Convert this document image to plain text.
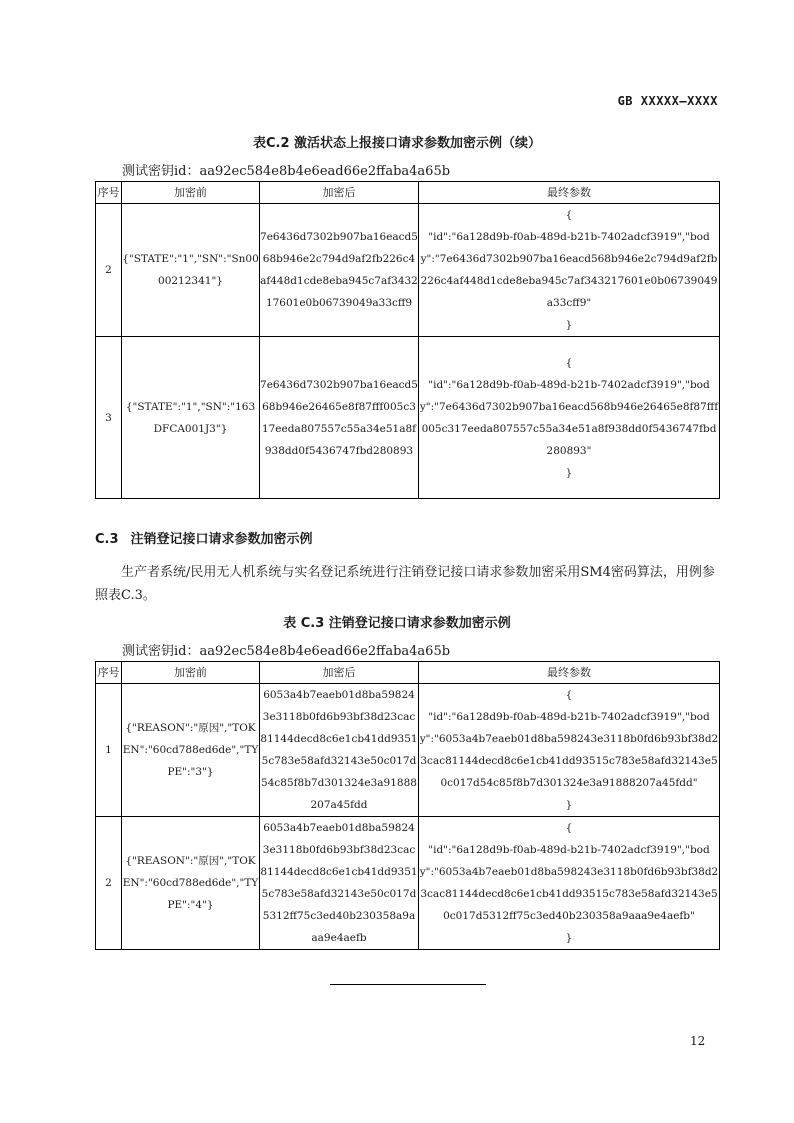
GB XXXXX—XXXX
表C.2 激活状态上报接口请求参数加密示例（续）
测试密钥id：aa92ec584e8b4e6ead66e2ffaba4a65b
序号	加密前	加密后	最终参数
2	{"STATE":"1","SN":"Sn0000212341"}	7e6436d7302b907ba16eacd568b946e2c794d9af2fb226c4af448d1cde8eba945c7af343217601e0b06739049a33cff9	{
"id":"6a128d9b-f0ab-489d-b21b-7402adcf3919","body":"7e6436d7302b907ba16eacd568b946e2c794d9af2fb226c4af448d1cde8eba945c7af343217601e0b06739049a33cff9"
}

3	{"STATE":"1","SN":"163DFCA001J3"}	7e6436d7302b907ba16eacd568b946e26465e8f87fff005c317eeda807557c55a34e51a8f938dd0f5436747fbd280893	{
"id":"6a128d9b-f0ab-489d-b21b-7402adcf3919","body":"7e6436d7302b907ba16eacd568b946e26465e8f87fff005c317eeda807557c55a34e51a8f938dd0f5436747fbd280893"
}
C.3 注销登记接口请求参数加密示例
生产者系统/民用无人机系统与实名登记系统进行注销登记接口请求参数加密采用SM4密码算法，用例参照表C.3。
表 C.3 注销登记接口请求参数加密示例
测试密钥id：aa92ec584e8b4e6ead66e2ffaba4a65b
序号	加密前	加密后	最终参数
1	{"REASON":"原因","TOKEN":"60cd788ed6de","TYPE":"3"}	6053a4b7eaeb01d8ba598243e3118b0fd6b93bf38d23cac81144decd8c6e1cb41dd93515c783e58afd32143e50c017d54c85f8b7d301324e3a91888207a45fdd	{
"id":"6a128d9b-f0ab-489d-b21b-7402adcf3919","body":"6053a4b7eaeb01d8ba598243e3118b0fd6b93bf38d23cac81144decd8c6e1cb41dd93515c783e58afd32143e50c017d54c85f8b7d301324e3a91888207a45fdd"
}

2	{"REASON":"原因","TOKEN":"60cd788ed6de","TYPE":"4"}	6053a4b7eaeb01d8ba598243e3118b0fd6b93bf38d23cac81144decd8c6e1cb41dd93515c783e58afd32143e50c017d5312ff75c3ed40b230358a9aaa9e4aefb	{
"id":"6a128d9b-f0ab-489d-b21b-7402adcf3919","body":"6053a4b7eaeb01d8ba598243e3118b0fd6b93bf38d23cac81144decd8c6e1cb41dd93515c783e58afd32143e50c017d5312ff75c3ed40b230358a9aaa9e4aefb"
}
12
